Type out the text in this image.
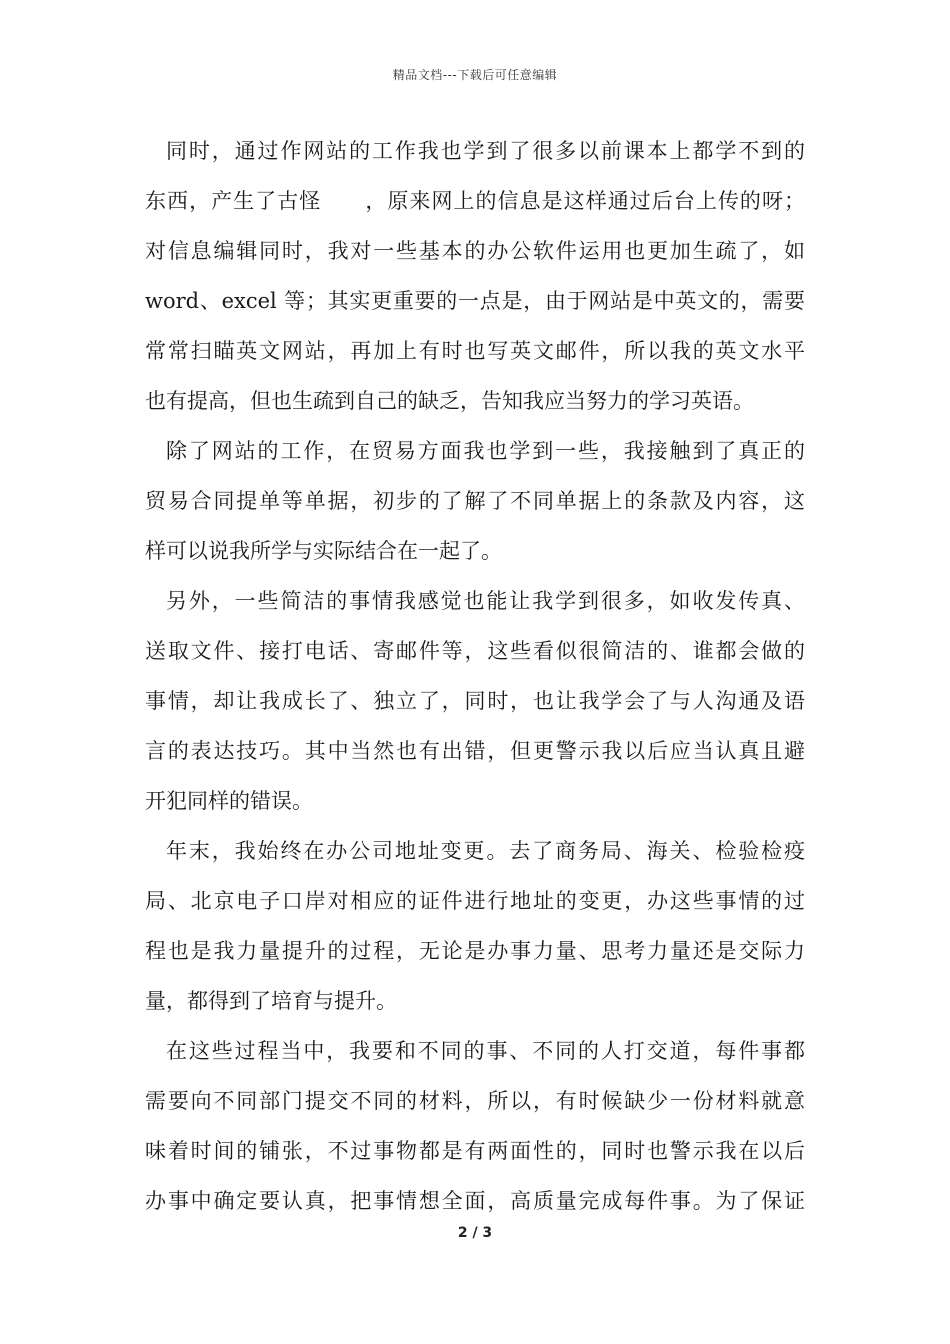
精品文档---下载后可任意编辑
同时，通过作网站的工作我也学到了很多以前课本上都学不到的
东西，产生了古怪　　，原来网上的信息是这样通过后台上传的呀；
对信息编辑同时，我对一些基本的办公软件运用也更加生疏了，如
word、excel 等；其实更重要的一点是，由于网站是中英文的，需要
常常扫瞄英文网站，再加上有时也写英文邮件，所以我的英文水平
也有提高，但也生疏到自己的缺乏，告知我应当努力的学习英语。
除了网站的工作，在贸易方面我也学到一些，我接触到了真正的
贸易合同提单等单据，初步的了解了不同单据上的条款及内容，这
样可以说我所学与实际结合在一起了。
另外，一些简洁的事情我感觉也能让我学到很多，如收发传真、
送取文件、接打电话、寄邮件等，这些看似很简洁的、谁都会做的
事情，却让我成长了、独立了，同时，也让我学会了与人沟通及语
言的表达技巧。其中当然也有出错，但更警示我以后应当认真且避
开犯同样的错误。
年末，我始终在办公司地址变更。去了商务局、海关、检验检疫
局、北京电子口岸对相应的证件进行地址的变更，办这些事情的过
程也是我力量提升的过程，无论是办事力量、思考力量还是交际力
量，都得到了培育与提升。
在这些过程当中，我要和不同的事、不同的人打交道，每件事都
需要向不同部门提交不同的材料，所以，有时候缺少一份材料就意
味着时间的铺张，不过事物都是有两面性的，同时也警示我在以后
办事中确定要认真，把事情想全面，高质量完成每件事。为了保证
2 / 3
